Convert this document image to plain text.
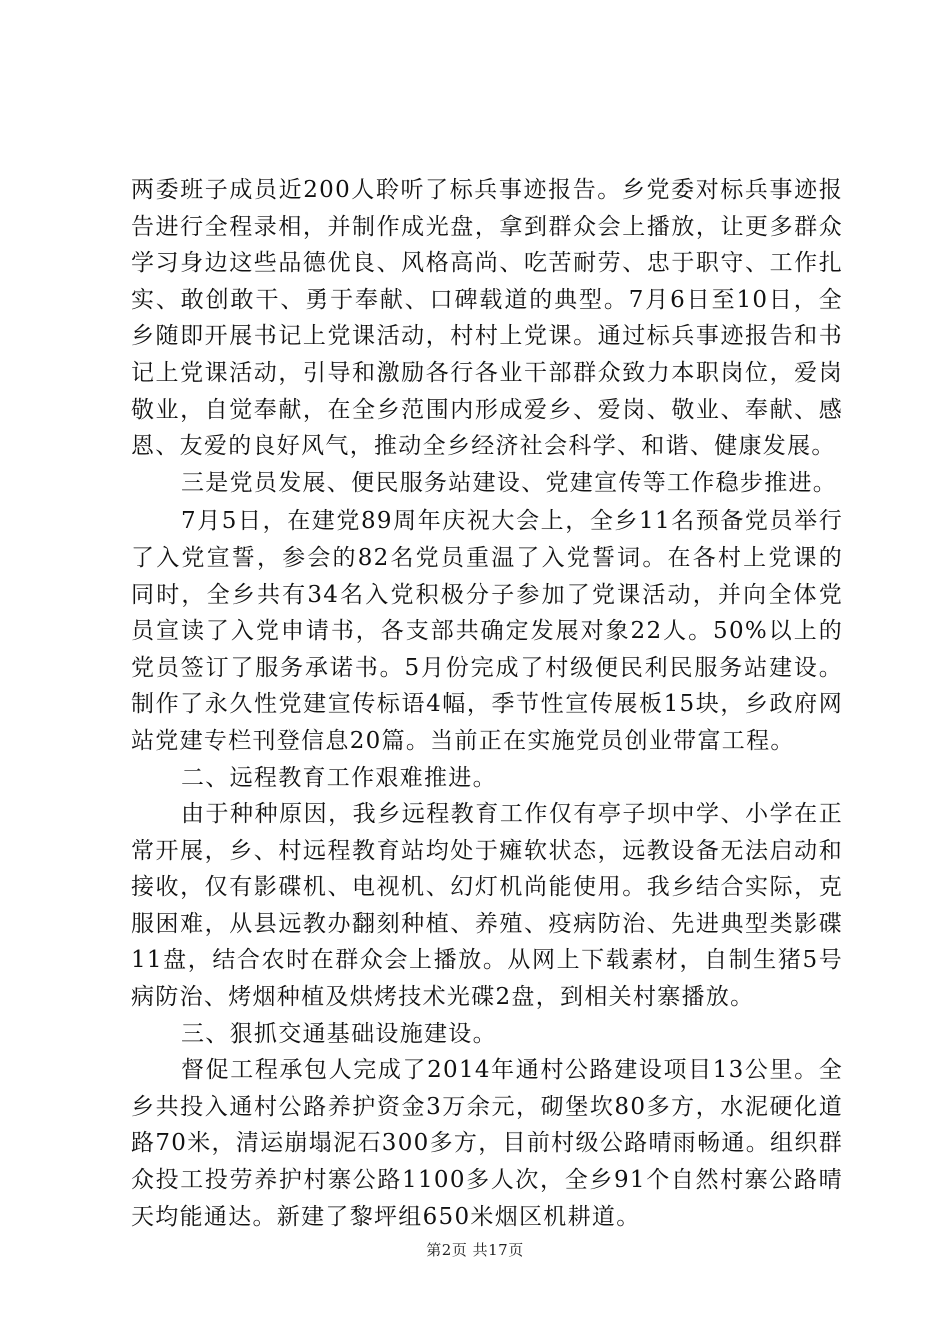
两委班子成员近200人聆听了标兵事迹报告。乡党委对标兵事迹报告进行全程录相，并制作成光盘，拿到群众会上播放，让更多群众学习身边这些品德优良、风格高尚、吃苦耐劳、忠于职守、工作扎实、敢创敢干、勇于奉献、口碑载道的典型。7月6日至10日，全乡随即开展书记上党课活动，村村上党课。通过标兵事迹报告和书记上党课活动，引导和激励各行各业干部群众致力本职岗位，爱岗敬业，自觉奉献，在全乡范围内形成爱乡、爱岗、敬业、奉献、感恩、友爱的良好风气，推动全乡经济社会科学、和谐、健康发展。

三是党员发展、便民服务站建设、党建宣传等工作稳步推进。

7月5日，在建党89周年庆祝大会上，全乡11名预备党员举行了入党宣誓，参会的82名党员重温了入党誓词。在各村上党课的同时，全乡共有34名入党积极分子参加了党课活动，并向全体党员宣读了入党申请书，各支部共确定发展对象22人。50%以上的党员签订了服务承诺书。5月份完成了村级便民利民服务站建设。制作了永久性党建宣传标语4幅，季节性宣传展板15块，乡政府网站党建专栏刊登信息20篇。当前正在实施党员创业带富工程。

二、远程教育工作艰难推进。

由于种种原因，我乡远程教育工作仅有亭子坝中学、小学在正常开展，乡、村远程教育站均处于瘫软状态，远教设备无法启动和接收，仅有影碟机、电视机、幻灯机尚能使用。我乡结合实际，克服困难，从县远教办翻刻种植、养殖、疫病防治、先进典型类影碟11盘，结合农时在群众会上播放。从网上下载素材，自制生猪5号病防治、烤烟种植及烘烤技术光碟2盘，到相关村寨播放。

三、狠抓交通基础设施建设。

督促工程承包人完成了2014年通村公路建设项目13公里。全乡共投入通村公路养护资金3万余元，砌堡坎80多方，水泥硬化道路70米，清运崩塌泥石300多方，目前村级公路晴雨畅通。组织群众投工投劳养护村寨公路1100多人次，全乡91个自然村寨公路晴天均能通达。新建了黎坪组650米烟区机耕道。

第2页 共17页
